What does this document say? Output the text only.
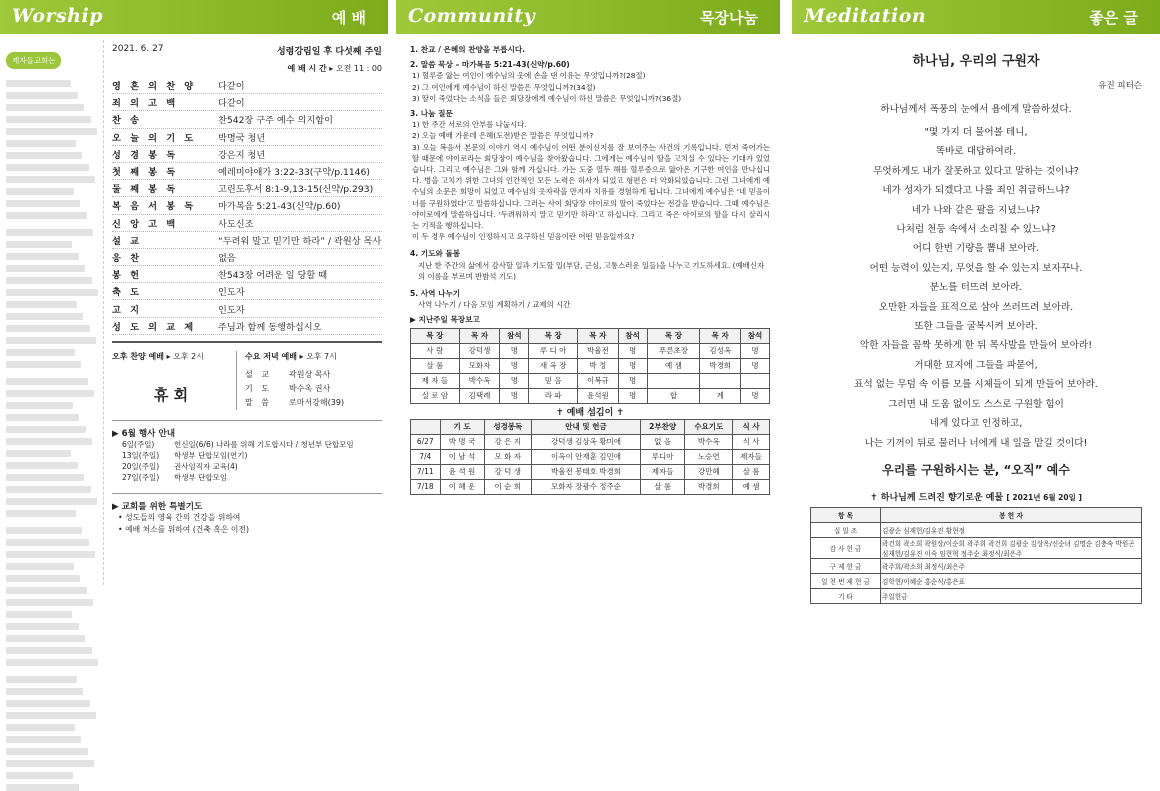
Worship	예 배
제자들교회는
2021. 6. 27	성령강림일 후 다섯째 주일
예 배 시 간 ▸ 오전 11 : 00
영 혼 의 찬 양	다같이
죄 의 고 백	다같이
찬 송	찬542장 구주 예수 의지함이
오 늘 의 기 도	박명국 청년
성 경 봉 독	강은지 청년
첫 째 봉 독	예레미야애가 3:22-33(구약/p.1146)
둘 째 봉 독	고린도후서 8:1-9,13-15(신약/p.293)
복 음 서 봉 독	마가복음 5:21-43(신약/p.60)
신 앙 고 백	사도신조
설 교	“두려워 말고 믿기만 하라” / 곽원상 목사
응 찬	없음
봉 헌	찬543장 어려운 일 당할 때
축 도	인도자
고 지	인도자
성 도 의 교 제	주님과 함께 동행하십시오
오후 찬양 예배 ▸ 오후 2시
휴 회
수요 저녁 예배 ▸ 오후 7시
설 교	곽원상 목사
기 도	박수옥 권사
말 씀	로마서강해(39)
▶ 6월 행사 안내
6일(주일)	헌신일(6/6) 나라를 위해 기도합시다 / 청년부 단합모임
13일(주일)	학생부 단합모임(연기)
20일(주일)	권사임직자 교육(4)
27일(주일)	학생부 단합모임
▶ 교회를 위한 특별기도
• 성도들의 영육 간의 건강을 위하여
• 예배 처소를 위하여 (건축 혹은 이전)
Community	목장나눔
1. 찬교 / 은혜의 찬양을 부릅시다.
2. 말씀 묵상 – 마가복음 5:21-43(신약/p.60)
1) 혈루증 앓는 여인이 예수님의 옷에 손을 댄 이유는 무엇입니까?(28절)
2) 그 여인에게 예수님이 하신 말씀은 무엇입니까?(34절)
3) 딸이 죽었다는 소식을 들은 회당장에게 예수님이 하신 말씀은 무엇입니까?(36절)
3. 나눔 질문
1) 한 주간 서로의 안부를 나눕시다.
2) 오늘 예배 가운데 은혜(도전)받은 말씀은 무엇입니까?
3) 오늘 복음서 본문의 이야기 역시 예수님이 어떤 분이신지를 잘 보여주는 사건의 기록입니다. 먼저 죽어가는 딸 때문에 야이로라는 회당장이 예수님을 찾아왔습니다. 그에게는 예수님이 딸을 고치실 수 있다는 기대가 있었습니다. 그리고 예수님은 그와 함께 가십니다. 가는 도중 열두 해를 혈루증으로 앓아온 기구한 여인을 만나십니다. 병을 고치기 위한 그녀의 인간적인 모든 노력은 허사가 되었고 형편은 더 악화되었습니다. 그런 그녀에게 예수님의 소문은 희망이 되었고 예수님의 옷자락을 만지자 치유를 경험하게 됩니다. 그녀에게 예수님은 '네 믿음이 너를 구원하였다'고 말씀하십니다. 그러는 사이 회당장 야이로의 딸이 죽었다는 전갈을 받습니다. 그때 예수님은 야이로에게 말씀하십니다. '두려워하지 말고 믿기만 하라'고 하십니다. 그리고 죽은 아이로의 딸을 다시 살리시는 기적을 행하십니다.
이 두 경우 예수님이 인정하시고 요구하신 믿음이란 어떤 믿음일까요?
4. 기도와 돌봄
지난 한 주간의 삶에서 감사할 일과 기도할 일(부담, 근심, 고통스러운 일들)을 나누고 기도하세요. (예배신자의 이름을 부르며 반밤석 기도)
5. 사역 나누기
사역 나누기 / 다음 모임 계획하기 / 교제의 시간
▶ 지난주일 목장보고
목 장	목 자	참석	목 장	목 자	참석	목 장	목 자	참석
사 랑	강덕생	명	루 디 아	박율전	명	푸른초장	김성옥	명
살 롬	모화자	명	새 옥 장	박 정	명	예 샘	박경희	명
제 자 들	박수옥	명	믿 음	이복규	명			
실 로 암	김택례	명	라 파	윤석원	명	합	계	명
✝ 예배 섬김이 ✝
	기 도	성경봉독	안내 및 헌금	2부찬양	수요기도	식 사
6/27	박 명 국	강 은 지	강덕생 김상옥 황미애	없 음	박수옥	식 사
7/4	이 남 석	모 화 자	이옥이 안재훈 김민애	루디아	노승연	제자들
7/11	윤 석 원	강 덕 생	박율전 봉태호 박경희	제자들	강만혜	살 롬
7/18	이 혜 운	이 순 희	모화자 장광수 정주순	살 롬	박경희	예 샘
Meditation	좋은 글
하나님, 우리의 구원자
유진 피터슨
하나님께서 폭풍의 눈에서 욥에게 말씀하셨다.
"몇 가지 더 물어볼 테니,
똑바로 대답하여라.
무엇하게도 내가 잘못하고 있다고 말하는 것이냐?
네가 성자가 되겠다고 나를 죄인 취급하느냐?
네가 나와 같은 팔을 지녔느냐?
나처럼 천둥 속에서 소리칠 수 있느냐?
어디 한번 기량을 뽐내 보아라.
어떤 능력이 있는지, 무엇을 할 수 있는지 보자꾸나.
분노를 터뜨려 보아라.
오만한 자들을 표적으로 삼아 쓰러뜨려 보아라.
또한 그들을 굴복시켜 보아라.
악한 자들을 꼼짝 못하게 한 뒤 목사발을 만들어 보아라!
거대한 묘지에 그들을 파묻어,
표석 없는 무덤 속 이름 모를 시체들이 되게 만들어 보아라.
그러면 내 도움 없이도 스스로 구원할 힘이
네게 있다고 인정하고,
나는 기꺼이 뒤로 물러나 너에게 내 일을 맡길 것이다!
우리를 구원하시는 분, “오직” 예수
✝ 하나님께 드려진 향기로운 예물 [ 2021년 6월 20일 ]
항 목	봉 헌 자
십 일 조	김광순 심재헌/김유진 황현정
감 사 헌 금	곽건희 곽소희 곽원상/이순희 곽주희 곽건희 김광순 김상옥/신순녀 김명순 김충숙 박원곤 심재헌/김유진 이숙 임현혁 정주순 최정식/최은주
구 제 헌 금	곽주희/곽소희 최정식/최은주
일 천 번 제 헌 금	김학현/이혜순 홍순식/홍은표
기 타	주일헌금
